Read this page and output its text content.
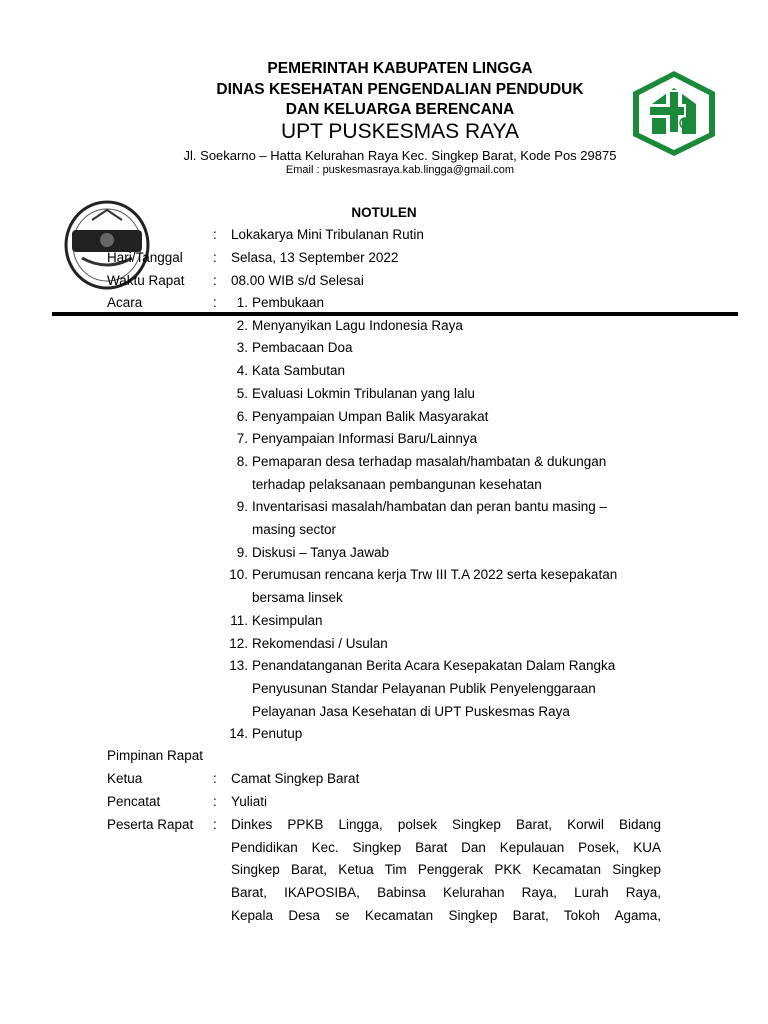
PEMERINTAH KABUPATEN LINGGA
DINAS KESEHATAN PENGENDALIAN PENDUDUK
DAN KELUARGA BERENCANA
UPT PUSKESMAS RAYA
Jl. Soekarno – Hatta Kelurahan Raya Kec. Singkep Barat, Kode Pos 29875
Email : puskesmasraya.kab.lingga@gmail.com
NOTULEN
: Lokakarya Mini Tribulanan Rutin
Hari/Tanggal : Selasa, 13 September 2022
Waktu Rapat : 08.00 WIB s/d Selesai
Acara	:	1. Pembukaan
2. Menyanyikan Lagu Indonesia Raya
3. Pembacaan Doa
4. Kata Sambutan
5. Evaluasi Lokmin Tribulanan yang lalu
6. Penyampaian Umpan Balik Masyarakat
7. Penyampaian Informasi Baru/Lainnya
8. Pemaparan desa terhadap masalah/hambatan & dukungan
terhadap pelaksanaan pembangunan kesehatan
9. Inventarisasi masalah/hambatan dan peran bantu masing –
masing sector
9. Diskusi – Tanya Jawab
10. Perumusan rencana kerja Trw III T.A 2022 serta kesepakatan
bersama linsek
11. Kesimpulan
12. Rekomendasi / Usulan
13. Penandatanganan Berita Acara Kesepakatan Dalam Rangka
Penyusunan Standar Pelayanan Publik Penyelenggaraan
Pelayanan Jasa Kesehatan di UPT Puskesmas Raya
14. Penutup
Pimpinan Rapat
Ketua	: Camat Singkep Barat
Pencatat	: Yuliati
Peserta Rapat : Dinkes PPKB Lingga, polsek Singkep Barat, Korwil Bidang
Pendidikan Kec. Singkep Barat Dan Kepulauan Posek, KUA
Singkep Barat, Ketua Tim Penggerak PKK Kecamatan Singkep
Barat, IKAPOSIBA, Babinsa Kelurahan Raya, Lurah Raya,
Kepala Desa se Kecamatan Singkep Barat, Tokoh Agama,
